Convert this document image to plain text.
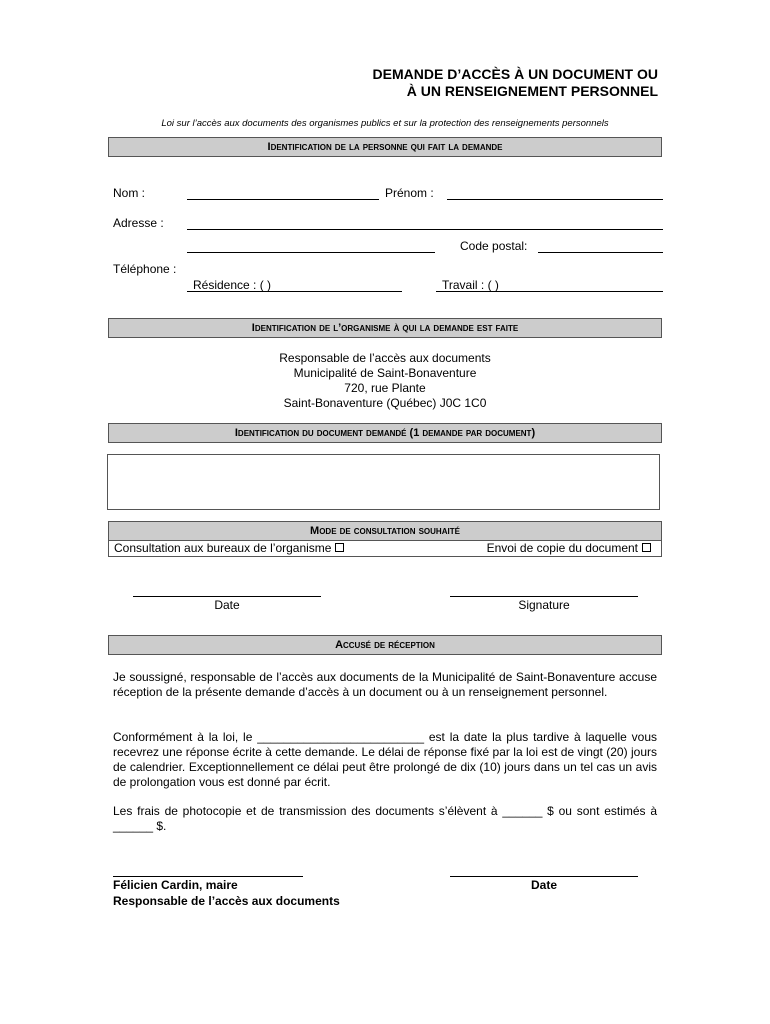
DEMANDE D’ACCÈS À UN DOCUMENT OU
À UN RENSEIGNEMENT PERSONNEL
Loi sur l’accès aux documents des organismes publics et sur la protection des renseignements personnels
Identification de la personne qui fait la demande
Nom :	Prénom :
Adresse :
Code postal:
Téléphone :
Résidence : ( )	Travail : ( )
Identification de l’organisme à qui la demande est faite
Responsable de l’accès aux documents
Municipalité de Saint-Bonaventure
720, rue Plante
Saint-Bonaventure (Québec) J0C 1C0
Identification du document demandé (1 demande par document)
Mode de consultation souhaité
Consultation aux bureaux de l’organisme	Envoi de copie du document
Date	Signature
Accusé de réception
Je soussigné, responsable de l’accès aux documents de la Municipalité de Saint-Bonaventure accuse réception de la présente demande d’accès à un document ou à un renseignement personnel.
Conformément à la loi, le _________________________ est la date la plus tardive à laquelle vous recevrez une réponse écrite à cette demande. Le délai de réponse fixé par la loi est de vingt (20) jours de calendrier. Exceptionnellement ce délai peut être prolongé de dix (10) jours dans un tel cas un avis de prolongation vous est donné par écrit.
Les frais de photocopie et de transmission des documents s’élèvent à ______ $ ou sont estimés à ______ $.
Félicien Cardin, maire
Responsable de l’accès aux documents
Date
